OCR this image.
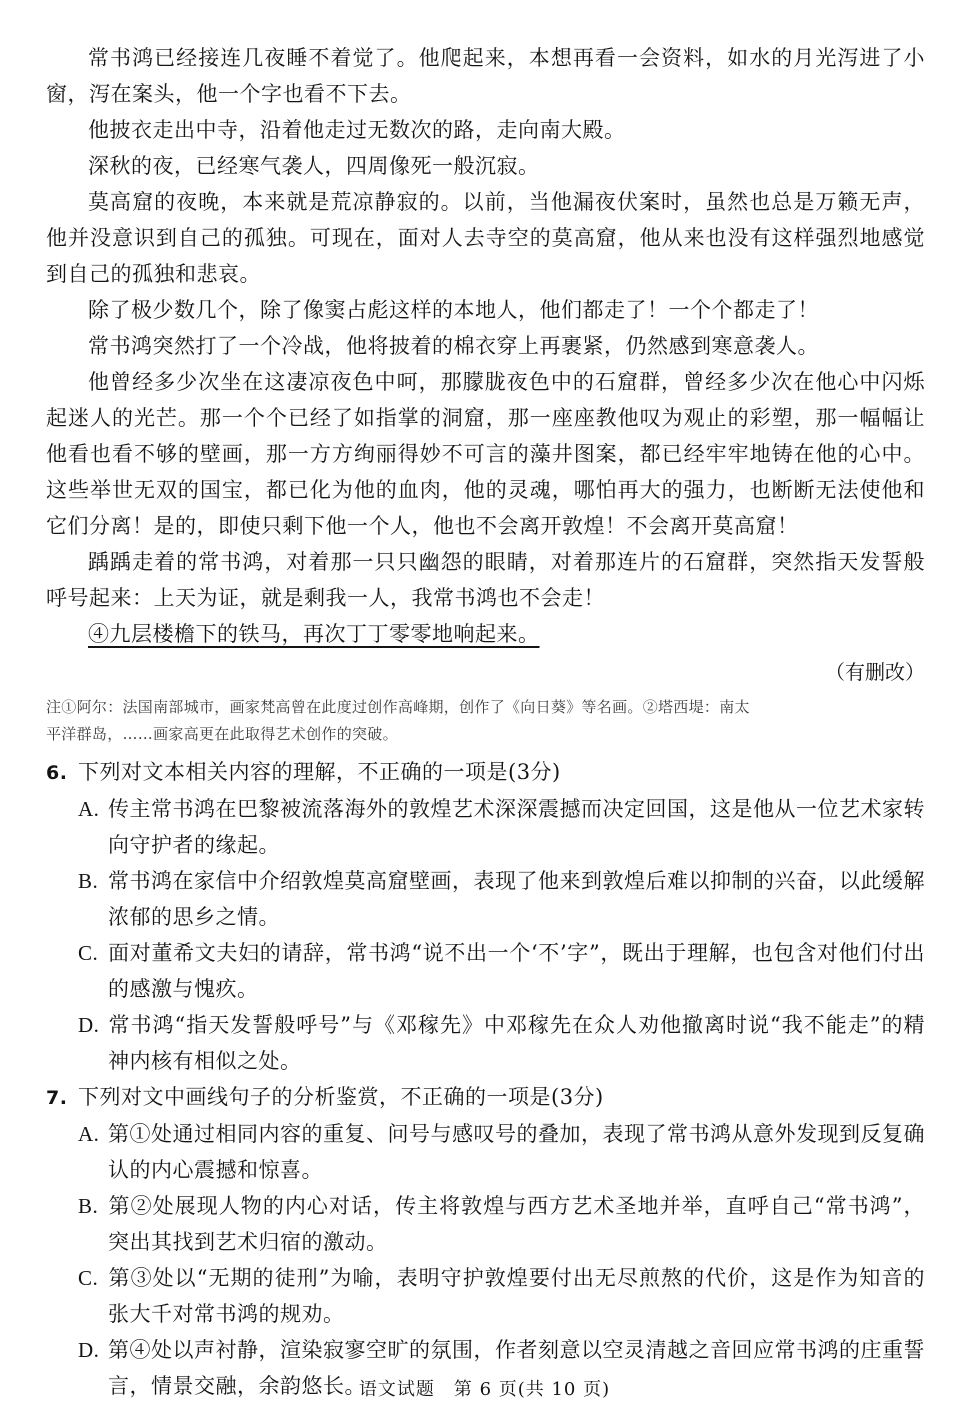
常书鸿已经接连几夜睡不着觉了。他爬起来，本想再看一会资料，如水的月光泻进了小窗，泻在案头，他一个字也看不下去。

他披衣走出中寺，沿着他走过无数次的路，走向南大殿。

深秋的夜，已经寒气袭人，四周像死一般沉寂。

莫高窟的夜晚，本来就是荒凉静寂的。以前，当他漏夜伏案时，虽然也总是万籁无声，他并没意识到自己的孤独。可现在，面对人去寺空的莫高窟，他从来也没有这样强烈地感觉到自己的孤独和悲哀。

除了极少数几个，除了像窦占彪这样的本地人，他们都走了！一个个都走了！

常书鸿突然打了一个冷战，他将披着的棉衣穿上再裹紧，仍然感到寒意袭人。

他曾经多少次坐在这凄凉夜色中呵，那朦胧夜色中的石窟群，曾经多少次在他心中闪烁起迷人的光芒。那一个个已经了如指掌的洞窟，那一座座教他叹为观止的彩塑，那一幅幅让他看也看不够的壁画，那一方方绚丽得妙不可言的藻井图案，都已经牢牢地铸在他的心中。这些举世无双的国宝，都已化为他的血肉，他的灵魂，哪怕再大的强力，也断断无法使他和它们分离！是的，即使只剩下他一个人，他也不会离开敦煌！不会离开莫高窟！

踽踽走着的常书鸿，对着那一只只幽怨的眼睛，对着那连片的石窟群，突然指天发誓般呼号起来：上天为证，就是剩我一人，我常书鸿也不会走！

④九层楼檐下的铁马，再次丁丁零零地响起来。

（有删改）

注①阿尔：法国南部城市，画家梵高曾在此度过创作高峰期，创作了《向日葵》等名画。②塔西堤：南太
平洋群岛，……画家高更在此取得艺术创作的突破。

6. 下列对文本相关内容的理解，不正确的一项是(3分)

A. 传主常书鸿在巴黎被流落海外的敦煌艺术深深震撼而决定回国，这是他从一位艺术家转向守护者的缘起。

B. 常书鸿在家信中介绍敦煌莫高窟壁画，表现了他来到敦煌后难以抑制的兴奋，以此缓解浓郁的思乡之情。

C. 面对董希文夫妇的请辞，常书鸿“说不出一个‘不’字”，既出于理解，也包含对他们付出的感激与愧疚。

D. 常书鸿“指天发誓般呼号”与《邓稼先》中邓稼先在众人劝他撤离时说“我不能走”的精神内核有相似之处。

7. 下列对文中画线句子的分析鉴赏，不正确的一项是(3分)

A. 第①处通过相同内容的重复、问号与感叹号的叠加，表现了常书鸿从意外发现到反复确认的内心震撼和惊喜。

B. 第②处展现人物的内心对话，传主将敦煌与西方艺术圣地并举，直呼自己“常书鸿”，突出其找到艺术归宿的激动。

C. 第③处以“无期的徒刑”为喻，表明守护敦煌要付出无尽煎熬的代价，这是作为知音的张大千对常书鸿的规劝。

D. 第④处以声衬静，渲染寂寥空旷的氛围，作者刻意以空灵清越之音回应常书鸿的庄重誓言，情景交融，余韵悠长。

语文试题　第 6 页(共 10 页)
